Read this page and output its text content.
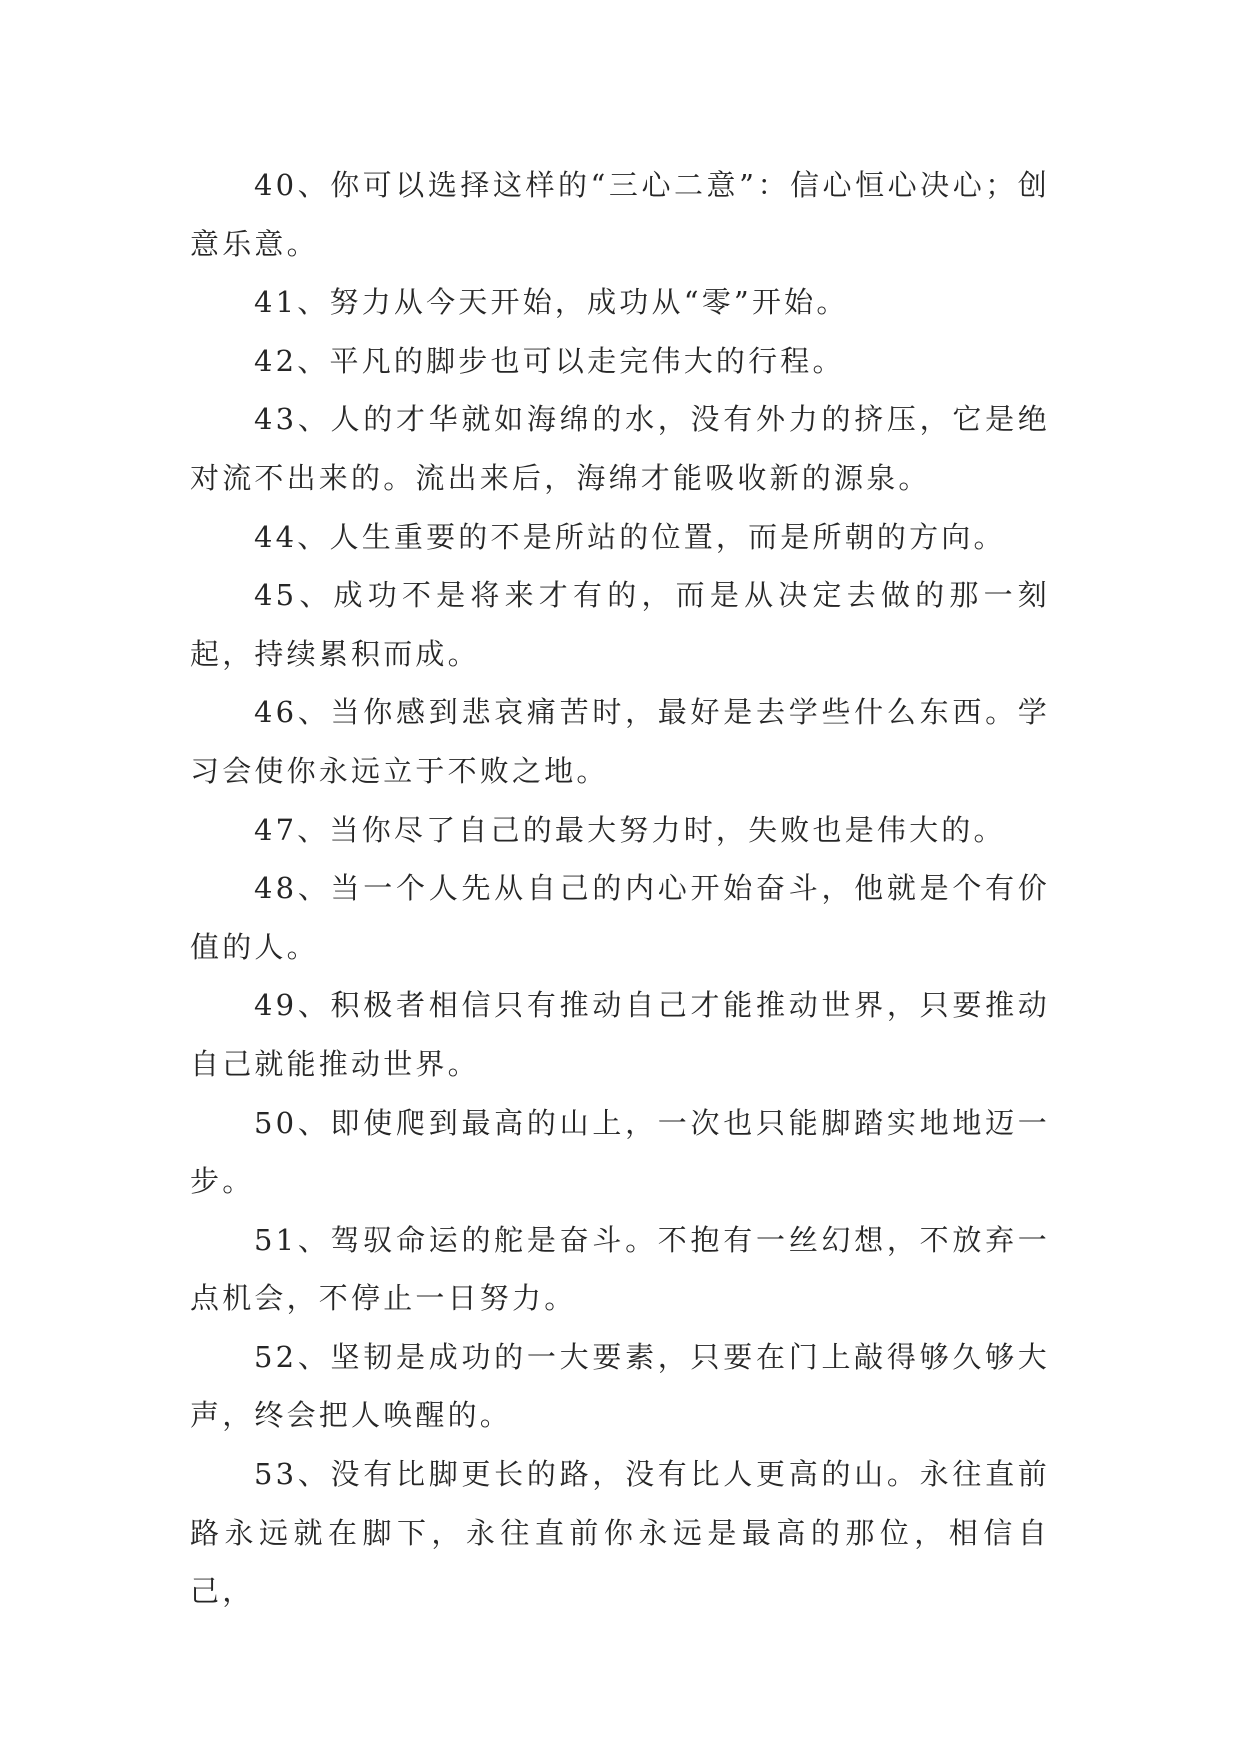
40、你可以选择这样的“三心二意”：信心恒心决心；创意乐意。

41、努力从今天开始，成功从“零”开始。

42、平凡的脚步也可以走完伟大的行程。

43、人的才华就如海绵的水，没有外力的挤压，它是绝对流不出来的。流出来后，海绵才能吸收新的源泉。

44、人生重要的不是所站的位置，而是所朝的方向。

45、成功不是将来才有的，而是从决定去做的那一刻起，持续累积而成。

46、当你感到悲哀痛苦时，最好是去学些什么东西。学习会使你永远立于不败之地。

47、当你尽了自己的最大努力时，失败也是伟大的。

48、当一个人先从自己的内心开始奋斗，他就是个有价值的人。

49、积极者相信只有推动自己才能推动世界，只要推动自己就能推动世界。

50、即使爬到最高的山上，一次也只能脚踏实地地迈一步。

51、驾驭命运的舵是奋斗。不抱有一丝幻想，不放弃一点机会，不停止一日努力。

52、坚韧是成功的一大要素，只要在门上敲得够久够大声，终会把人唤醒的。

53、没有比脚更长的路，没有比人更高的山。永往直前路永远就在脚下，永往直前你永远是最高的那位，相信自己，
